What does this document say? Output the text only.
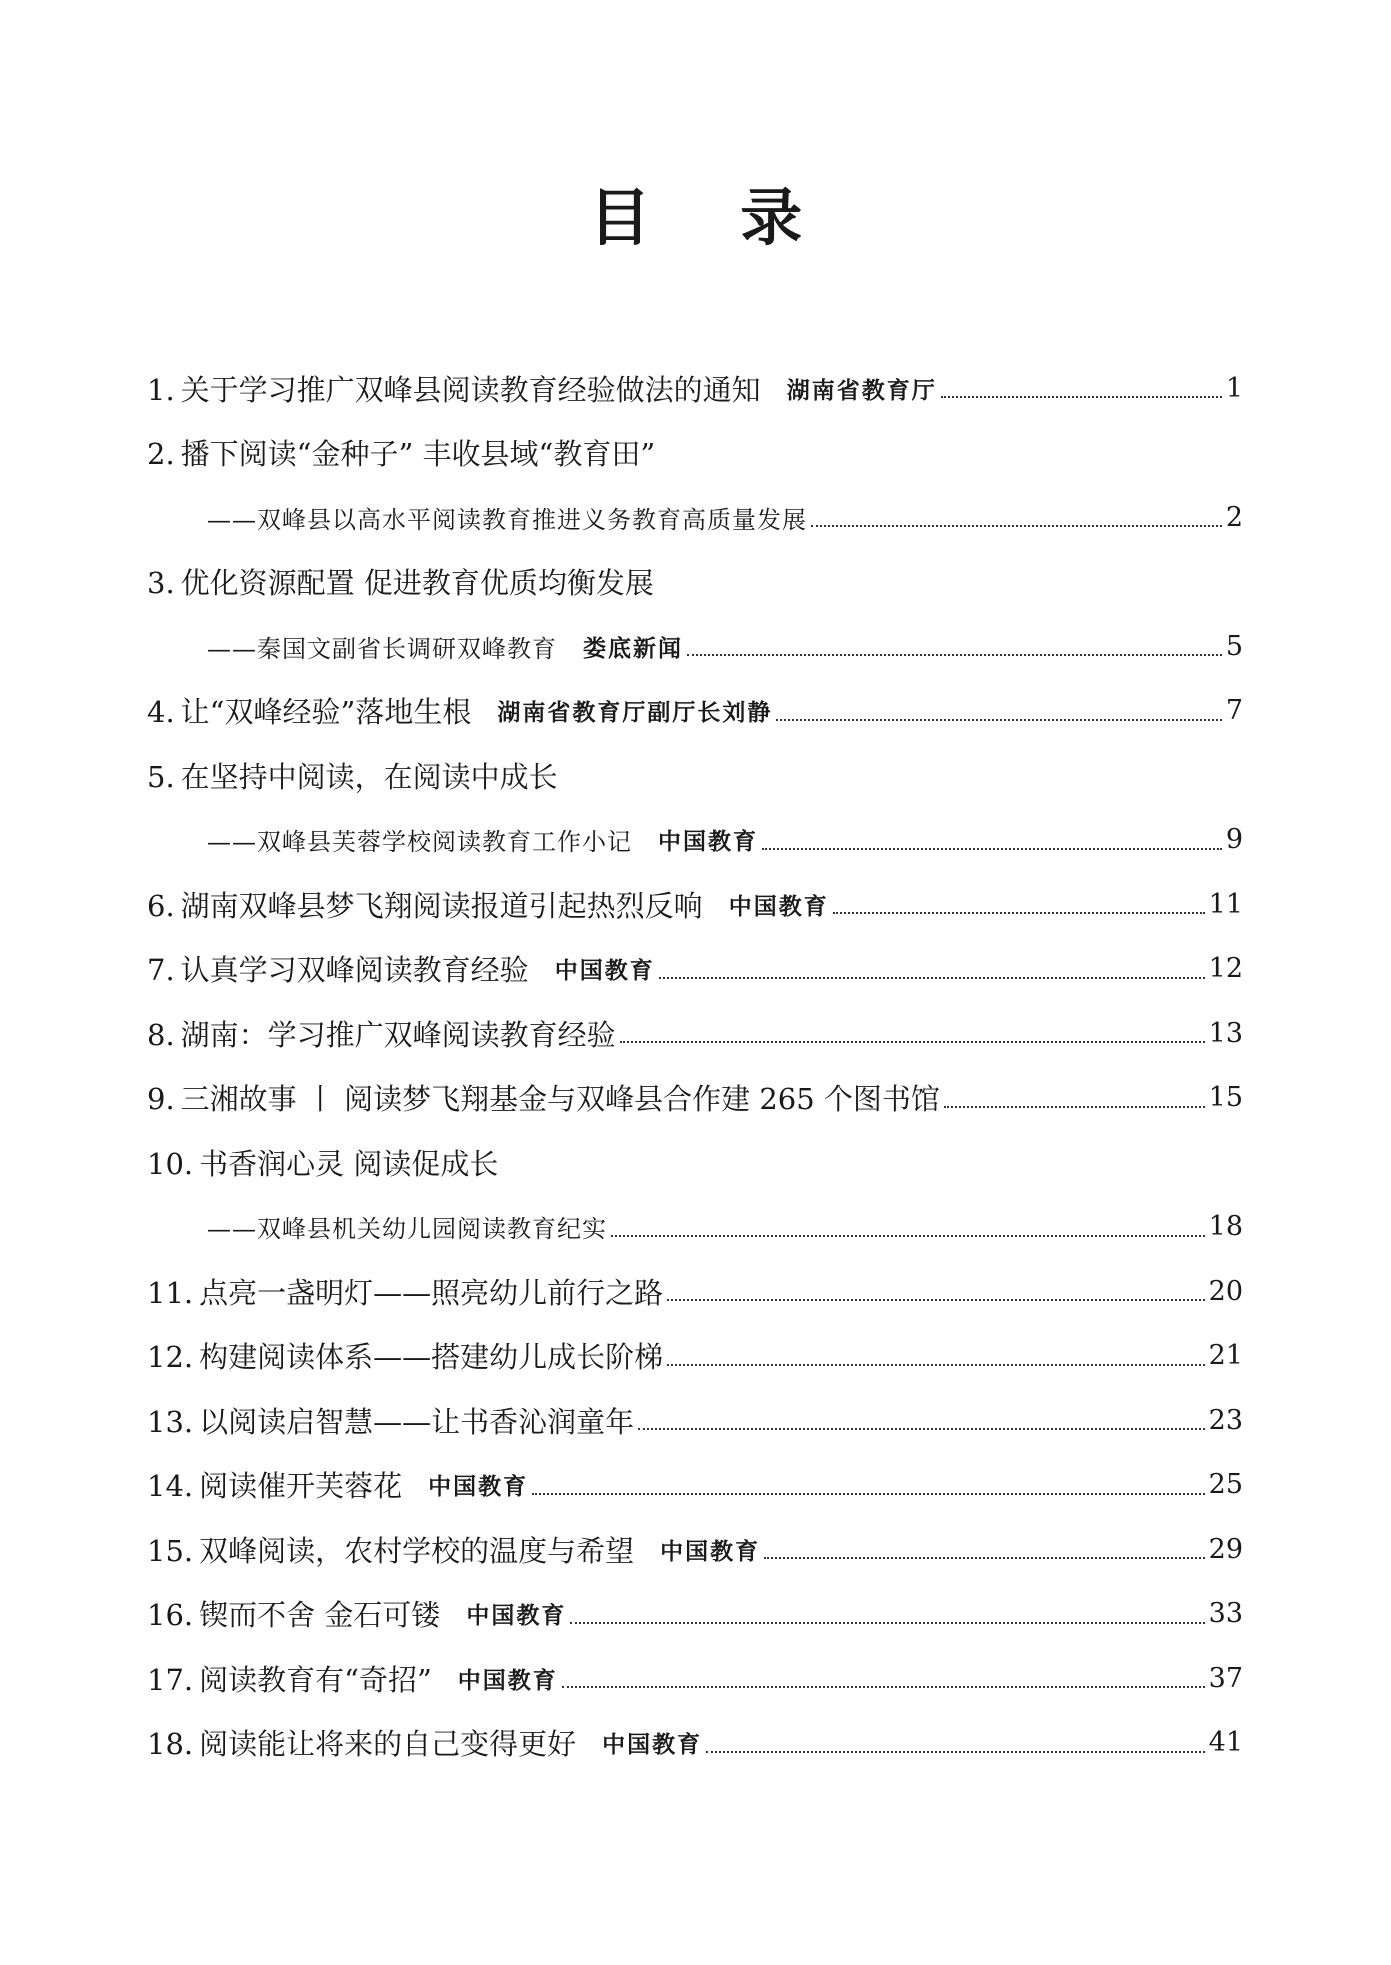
目 录
1. 关于学习推广双峰县阅读教育经验做法的通知 湖南省教育厅	1
2. 播下阅读“金种子” 丰收县域“教育田”
——双峰县以高水平阅读教育推进义务教育高质量发展	2
3. 优化资源配置 促进教育优质均衡发展
——秦国文副省长调研双峰教育 娄底新闻	5
4. 让“双峰经验”落地生根 湖南省教育厅副厅长刘静	7
5. 在坚持中阅读，在阅读中成长
——双峰县芙蓉学校阅读教育工作小记 中国教育	9
6. 湖南双峰县梦飞翔阅读报道引起热烈反响 中国教育	11
7. 认真学习双峰阅读教育经验 中国教育	12
8. 湖南：学习推广双峰阅读教育经验	13
9. 三湘故事 丨 阅读梦飞翔基金与双峰县合作建 265 个图书馆	15
10. 书香润心灵 阅读促成长
——双峰县机关幼儿园阅读教育纪实	18
11. 点亮一盏明灯——照亮幼儿前行之路	20
12. 构建阅读体系——搭建幼儿成长阶梯	21
13. 以阅读启智慧——让书香沁润童年	23
14. 阅读催开芙蓉花 中国教育	25
15. 双峰阅读，农村学校的温度与希望 中国教育	29
16. 锲而不舍 金石可镂 中国教育	33
17. 阅读教育有“奇招” 中国教育	37
18. 阅读能让将来的自己变得更好 中国教育	41
